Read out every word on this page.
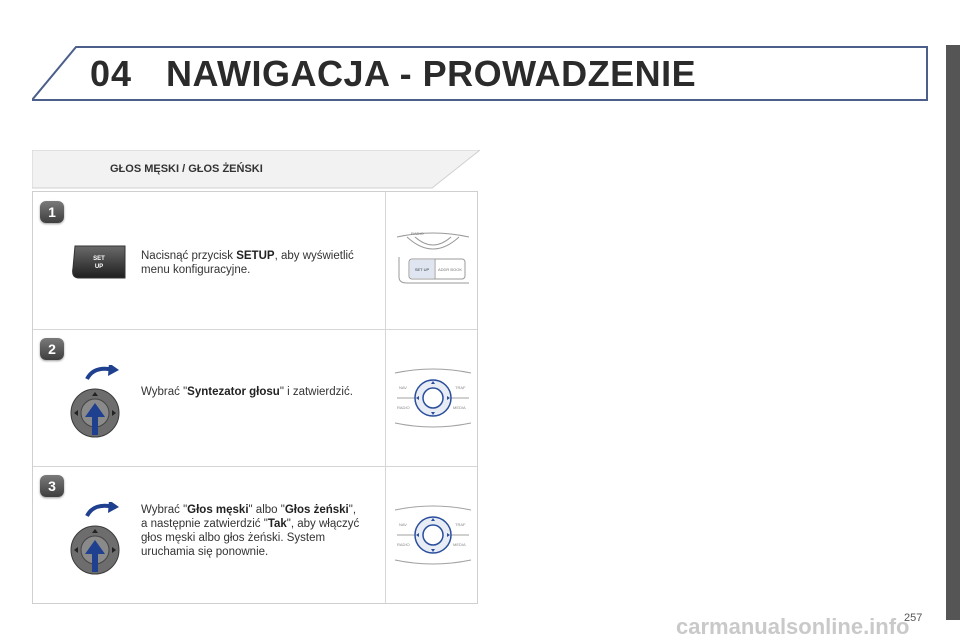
04 NAWIGACJA - PROWADZENIE
GŁOS MĘSKI / GŁOS ŻEŃSKI
1
SET
UP
Nacisnąć przycisk SETUP, aby wyświetlić menu konfiguracyjne.
RADIO
SET UP ADDR BOOK
2
Wybrać "Syntezator głosu" i zatwierdzić.	NAV	TRAF
RADIO	MEDIA
3
Wybrać "Głos męski" albo "Głos żeński", a następnie zatwierdzić "Tak", aby włączyć głos męski albo głos żeński. System uruchamia się ponownie.
NAV	TRAF
RADIO	MEDIA
carmanualsonline.info
257
